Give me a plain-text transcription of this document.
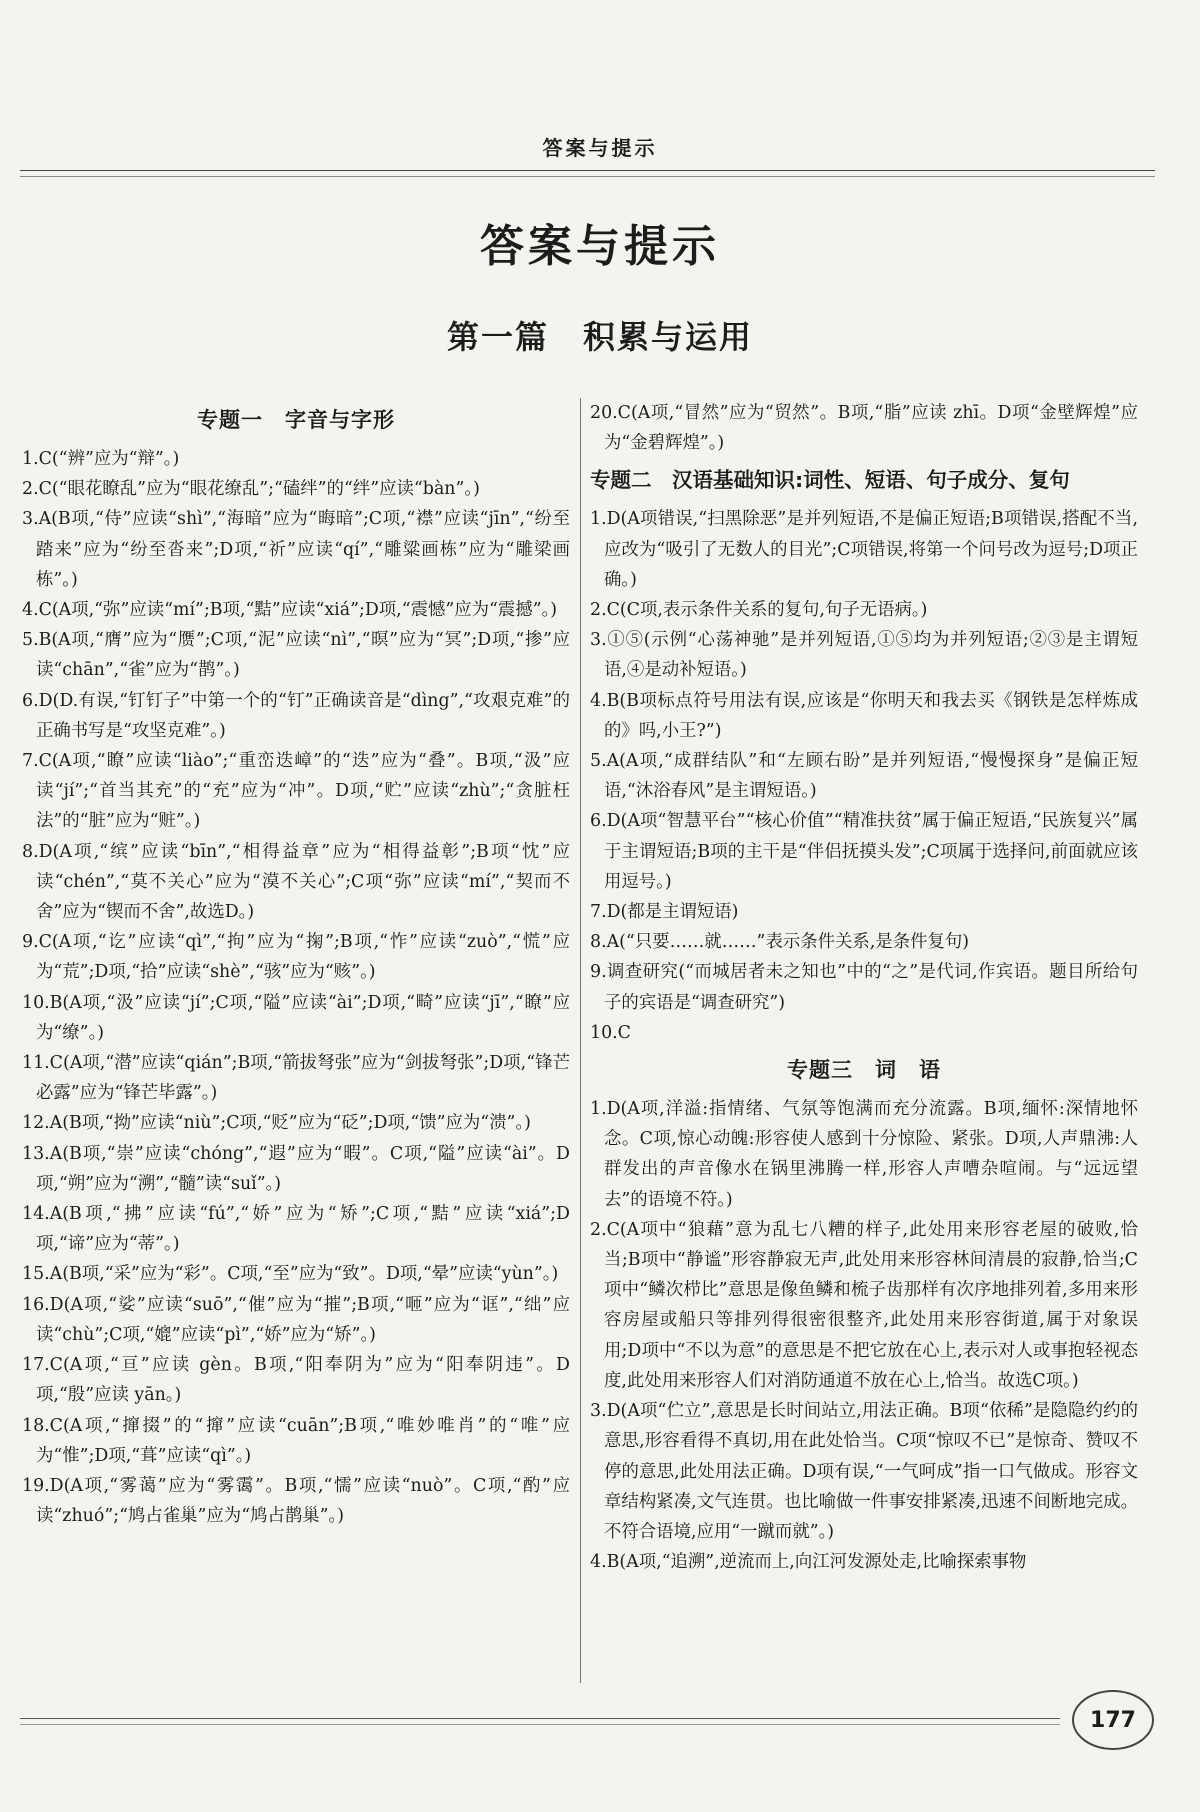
答案与提示
答案与提示
第一篇　积累与运用
专题一　字音与字形
1.C(“辨”应为“辩”。)
2.C(“眼花瞭乱”应为“眼花缭乱”;“磕绊”的“绊”应读“bàn”。)
3.A(B项,“侍”应读“shì”,“海暗”应为“晦暗”;C项,“襟”应读“jīn”,“纷至踏来”应为“纷至沓来”;D项,“祈”应读“qí”,“雕粱画栋”应为“雕梁画栋”。)
4.C(A项,“弥”应读“mí”;B项,“黠”应读“xiá”;D项,“震憾”应为“震撼”。)
5.B(A项,“膺”应为“赝”;C项,“泥”应读“nì”,“暝”应为“冥”;D项,“掺”应读“chān”,“雀”应为“鹊”。)
6.D(D.有误,“钉钉子”中第一个的“钉”正确读音是“dìng”,“攻艰克难”的正确书写是“攻坚克难”。)
7.C(A项,“瞭”应读“liào”;“重峦迭嶂”的“迭”应为“叠”。B项,“汲”应读“jí”;“首当其充”的“充”应为“冲”。D项,“贮”应读“zhù”;“贪脏枉法”的“脏”应为“赃”。)
8.D(A项,“缤”应读“bīn”,“相得益章”应为“相得益彰”;B项“忱”应读“chén”,“莫不关心”应为“漠不关心”;C项“弥”应读“mí”,“契而不舍”应为“锲而不舍”,故选D。)
9.C(A项,“讫”应读“qì”,“拘”应为“掬”;B项,“怍”应读“zuò”,“慌”应为“荒”;D项,“拾”应读“shè”,“骇”应为“赅”。)
10.B(A项,“汲”应读“jí”;C项,“隘”应读“ài”;D项,“畸”应读“jī”,“瞭”应为“缭”。)
11.C(A项,“潜”应读“qián”;B项,“箭拔弩张”应为“剑拔弩张”;D项,“锋芒必露”应为“锋芒毕露”。)
12.A(B项,“拗”应读“niù”;C项,“贬”应为“砭”;D项,“馈”应为“溃”。)
13.A(B项,“崇”应读“chóng”,“遐”应为“暇”。C项,“隘”应读“ài”。D项,“朔”应为“溯”,“髓”读“suǐ”。)
14.A(B项,“拂”应读“fú”,“娇”应为“矫”;C项,“黠”应读“xiá”;D项,“谛”应为“蒂”。)
15.A(B项,“采”应为“彩”。C项,“至”应为“致”。D项,“晕”应读“yùn”。)
16.D(A项,“娑”应读“suō”,“催”应为“摧”;B项,“咂”应为“诓”,“绌”应读“chù”;C项,“媲”应读“pì”,“娇”应为“矫”。)
17.C(A项,“亘”应读 gèn。B项,“阳奉阴为”应为“阳奉阴违”。D项,“殷”应读 yān。)
18.C(A项,“撺掇”的“撺”应读“cuān”;B项,“唯妙唯肖”的“唯”应为“惟”;D项,“葺”应读“qì”。)
19.D(A项,“雾蔼”应为“雾霭”。B项,“懦”应读“nuò”。C项,“酌”应读“zhuó”;“鸠占雀巢”应为“鸠占鹊巢”。)
20.C(A项,“冒然”应为“贸然”。B项,“脂”应读 zhī。D项“金壁辉煌”应为“金碧辉煌”。)
专题二　汉语基础知识:词性、短语、句子成分、复句
1.D(A项错误,“扫黑除恶”是并列短语,不是偏正短语;B项错误,搭配不当,应改为“吸引了无数人的目光”;C项错误,将第一个问号改为逗号;D项正确。)
2.C(C项,表示条件关系的复句,句子无语病。)
3.①⑤(示例“心荡神驰”是并列短语,①⑤均为并列短语;②③是主谓短语,④是动补短语。)
4.B(B项标点符号用法有误,应该是“你明天和我去买《钢铁是怎样炼成的》吗,小王?”)
5.A(A项,“成群结队”和“左顾右盼”是并列短语,“慢慢探身”是偏正短语,“沐浴春风”是主谓短语。)
6.D(A项“智慧平台”“核心价值”“精准扶贫”属于偏正短语,“民族复兴”属于主谓短语;B项的主干是“伴侣抚摸头发”;C项属于选择问,前面就应该用逗号。)
7.D(都是主谓短语)
8.A(“只要……就……”表示条件关系,是条件复句)
9.调查研究(“而城居者未之知也”中的“之”是代词,作宾语。题目所给句子的宾语是“调查研究”)
10.C
专题三　词　语
1.D(A项,洋溢:指情绪、气氛等饱满而充分流露。B项,缅怀:深情地怀念。C项,惊心动魄:形容使人感到十分惊险、紧张。D项,人声鼎沸:人群发出的声音像水在锅里沸腾一样,形容人声嘈杂喧闹。与“远远望去”的语境不符。)
2.C(A项中“狼藉”意为乱七八糟的样子,此处用来形容老屋的破败,恰当;B项中“静谧”形容静寂无声,此处用来形容林间清晨的寂静,恰当;C项中“鳞次栉比”意思是像鱼鳞和梳子齿那样有次序地排列着,多用来形容房屋或船只等排列得很密很整齐,此处用来形容街道,属于对象误用;D项中“不以为意”的意思是不把它放在心上,表示对人或事抱轻视态度,此处用来形容人们对消防通道不放在心上,恰当。故选C项。)
3.D(A项“伫立”,意思是长时间站立,用法正确。B项“依稀”是隐隐约约的意思,形容看得不真切,用在此处恰当。C项“惊叹不已”是惊奇、赞叹不停的意思,此处用法正确。D项有误,“一气呵成”指一口气做成。形容文章结构紧凑,文气连贯。也比喻做一件事安排紧凑,迅速不间断地完成。不符合语境,应用“一蹴而就”。)
4.B(A项,“追溯”,逆流而上,向江河发源处走,比喻探索事物
177
